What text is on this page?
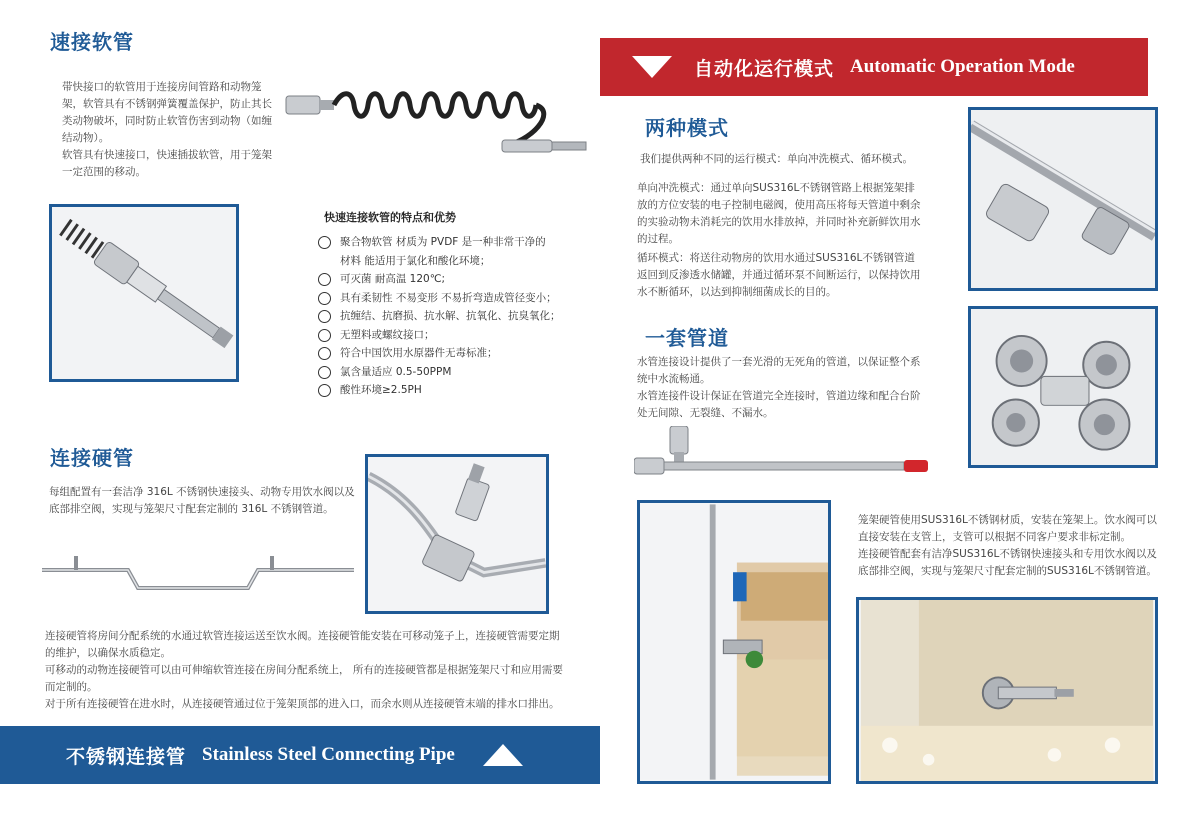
速接软管
带快接口的软管用于连接房间管路和动物笼架，软管具有不锈钢弹簧覆盖保护，防止其长类动物破坏，同时防止软管伤害到动物（如缠结动物）。
软管具有快速接口，快速插拔软管，用于笼架一定范围的移动。
快速连接软管的特点和优势
聚合物软管 材质为 PVDF 是一种非常干净的
材料 能适用于氯化和酸化环境；
可灭菌 耐高温 120℃;
具有柔韧性 不易变形 不易折弯造成管径变小；
抗缠结、抗磨损、抗水解、抗氧化、抗臭氧化；
无塑料或螺纹接口；
符合中国饮用水原器件无毒标准；
氯含量适应 0.5-50PPM
酸性环境≥2.5PH
连接硬管
每组配置有一套洁净 316L 不锈钢快速接头、动物专用饮水阀以及底部排空阀，实现与笼架尺寸配套定制的 316L 不锈钢管道。
连接硬管将房间分配系统的水通过软管连接运送至饮水阀。连接硬管能安装在可移动笼子上，连接硬管需要定期的维护，以确保水质稳定。
可移动的动物连接硬管可以由可伸缩软管连接在房间分配系统上， 所有的连接硬管都是根据笼架尺寸和应用需要而定制的。
对于所有连接硬管在进水时，从连接硬管通过位于笼架顶部的进入口，而余水则从连接硬管末端的排水口排出。
不锈钢连接管 Stainless Steel Connecting Pipe
自动化运行模式 Automatic Operation Mode
两种模式
我们提供两种不同的运行模式：单向冲洗模式、循环模式。
单向冲洗模式：通过单向SUS316L不锈钢管路上根据笼架排放的方位安装的电子控制电磁阀，使用高压将每天管道中剩余的实验动物未消耗完的饮用水排放掉，并同时补充新鲜饮用水的过程。
循环模式：将送往动物房的饮用水通过SUS316L不锈钢管道返回到反渗透水储罐，并通过循环泵不间断运行，以保持饮用水不断循环，以达到抑制细菌成长的目的。
一套管道
水管连接设计提供了一套光滑的无死角的管道，以保证整个系统中水流畅通。
水管连接件设计保证在管道完全连接时，管道边缘和配合台阶处无间隙、无裂缝、不漏水。
笼架硬管使用SUS316L不锈钢材质，安装在笼架上。饮水阀可以直接安装在支管上，支管可以根据不同客户要求非标定制。
连接硬管配套有洁净SUS316L不锈钢快速接头和专用饮水阀以及底部排空阀，实现与笼架尺寸配套定制的SUS316L不锈钢管道。
